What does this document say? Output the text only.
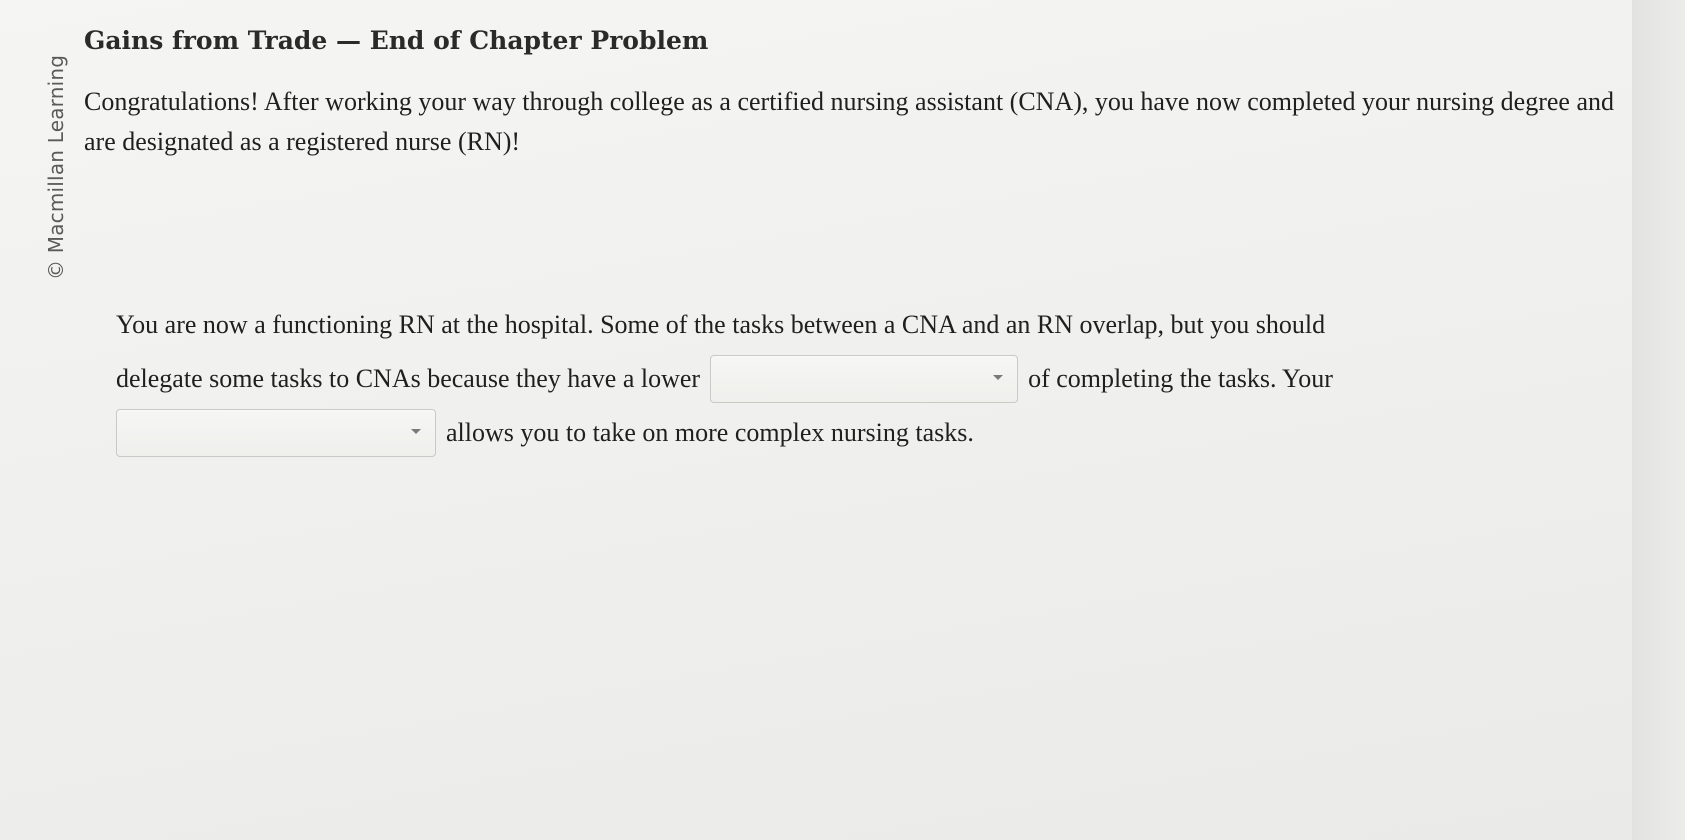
© Macmillan Learning
Gains from Trade — End of Chapter Problem
Congratulations! After working your way through college as a certified nursing assistant (CNA), you have now completed your nursing degree and are designated as a registered nurse (RN)!
You are now a functioning RN at the hospital. Some of the tasks between a CNA and an RN overlap, but you should
delegate some tasks to CNAs because they have a lower	of completing the tasks. Your
allows you to take on more complex nursing tasks.
